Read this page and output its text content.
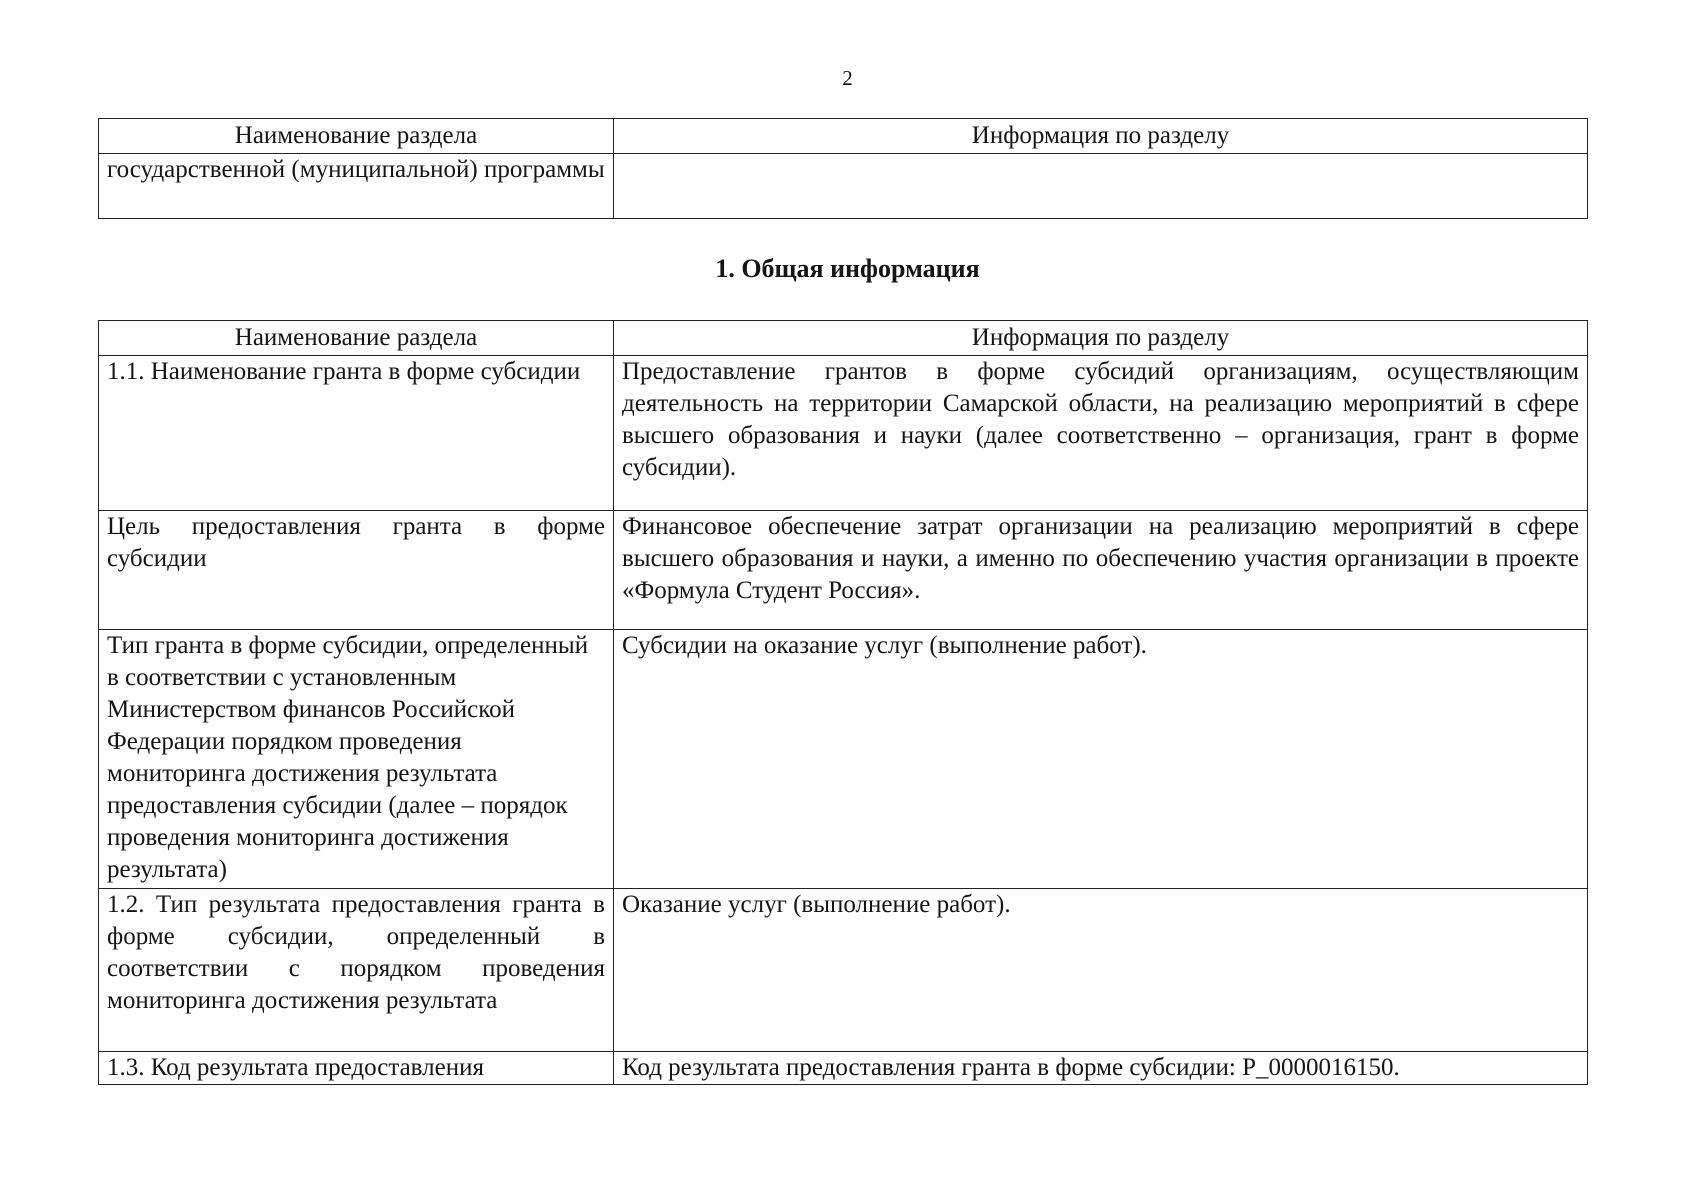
2
Наименование раздела	Информация по разделу
государственной (муниципальной) программы	
1. Общая информация
Наименование раздела	Информация по разделу
1.1. Наименование гранта в форме субсидии	Предоставление грантов в форме субсидий организациям, осуществляющим деятельность на территории Самарской области, на реализацию мероприятий в сфере высшего образования и науки (далее соответственно – организация, грант в форме субсидии).
Цель предоставления гранта в форме субсидии	Финансовое обеспечение затрат организации на реализацию мероприятий в сфере высшего образования и науки, а именно по обеспечению участия организации в проекте «Формула Студент Россия».
Тип гранта в форме субсидии, определенный в соответствии с установленным Министерством финансов Российской Федерации порядком проведения мониторинга достижения результата предоставления субсидии (далее – порядок проведения мониторинга достижения результата)	Субсидии на оказание услуг (выполнение работ).
1.2. Тип результата предоставления гранта в форме субсидии, определенный в соответствии с порядком проведения мониторинга достижения результата	Оказание услуг (выполнение работ).
1.3. Код результата предоставления	Код результата предоставления гранта в форме субсидии: Р_0000016150.
